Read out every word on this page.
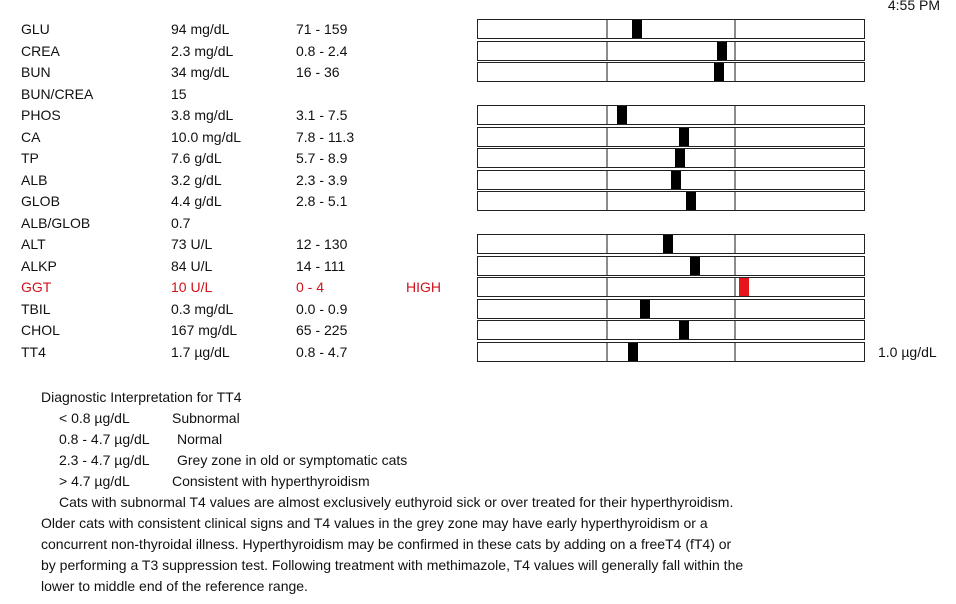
4:55 PM
GLU	94 mg/dL	71 - 159
CREA	2.3 mg/dL	0.8 - 2.4
BUN	34 mg/dL	16 - 36
BUN/CREA	15
PHOS	3.8 mg/dL	3.1 - 7.5
CA	10.0 mg/dL	7.8 - 11.3
TP	7.6 g/dL	5.7 - 8.9
ALB	3.2 g/dL	2.3 - 3.9
GLOB	4.4 g/dL	2.8 - 5.1
ALB/GLOB	0.7
ALT	73 U/L	12 - 130
ALKP	84 U/L	14 - 111
GGT	10 U/L	0 - 4	HIGH
TBIL	0.3 mg/dL	0.0 - 0.9
CHOL	167 mg/dL	65 - 225
TT4	1.7 µg/dL	0.8 - 4.7	1.0 µg/dL
Diagnostic Interpretation for TT4
< 0.8 µg/dL	Subnormal
0.8 - 4.7 µg/dL Normal
2.3 - 4.7 µg/dL Grey zone in old or symptomatic cats
> 4.7 µg/dL	Consistent with hyperthyroidism
Cats with subnormal T4 values are almost exclusively euthyroid sick or over treated for their hyperthyroidism.
Older cats with consistent clinical signs and T4 values in the grey zone may have early hyperthyroidism or a
concurrent non-thyroidal illness. Hyperthyroidism may be confirmed in these cats by adding on a freeT4 (fT4) or
by performing a T3 suppression test. Following treatment with methimazole, T4 values will generally fall within the
lower to middle end of the reference range.
